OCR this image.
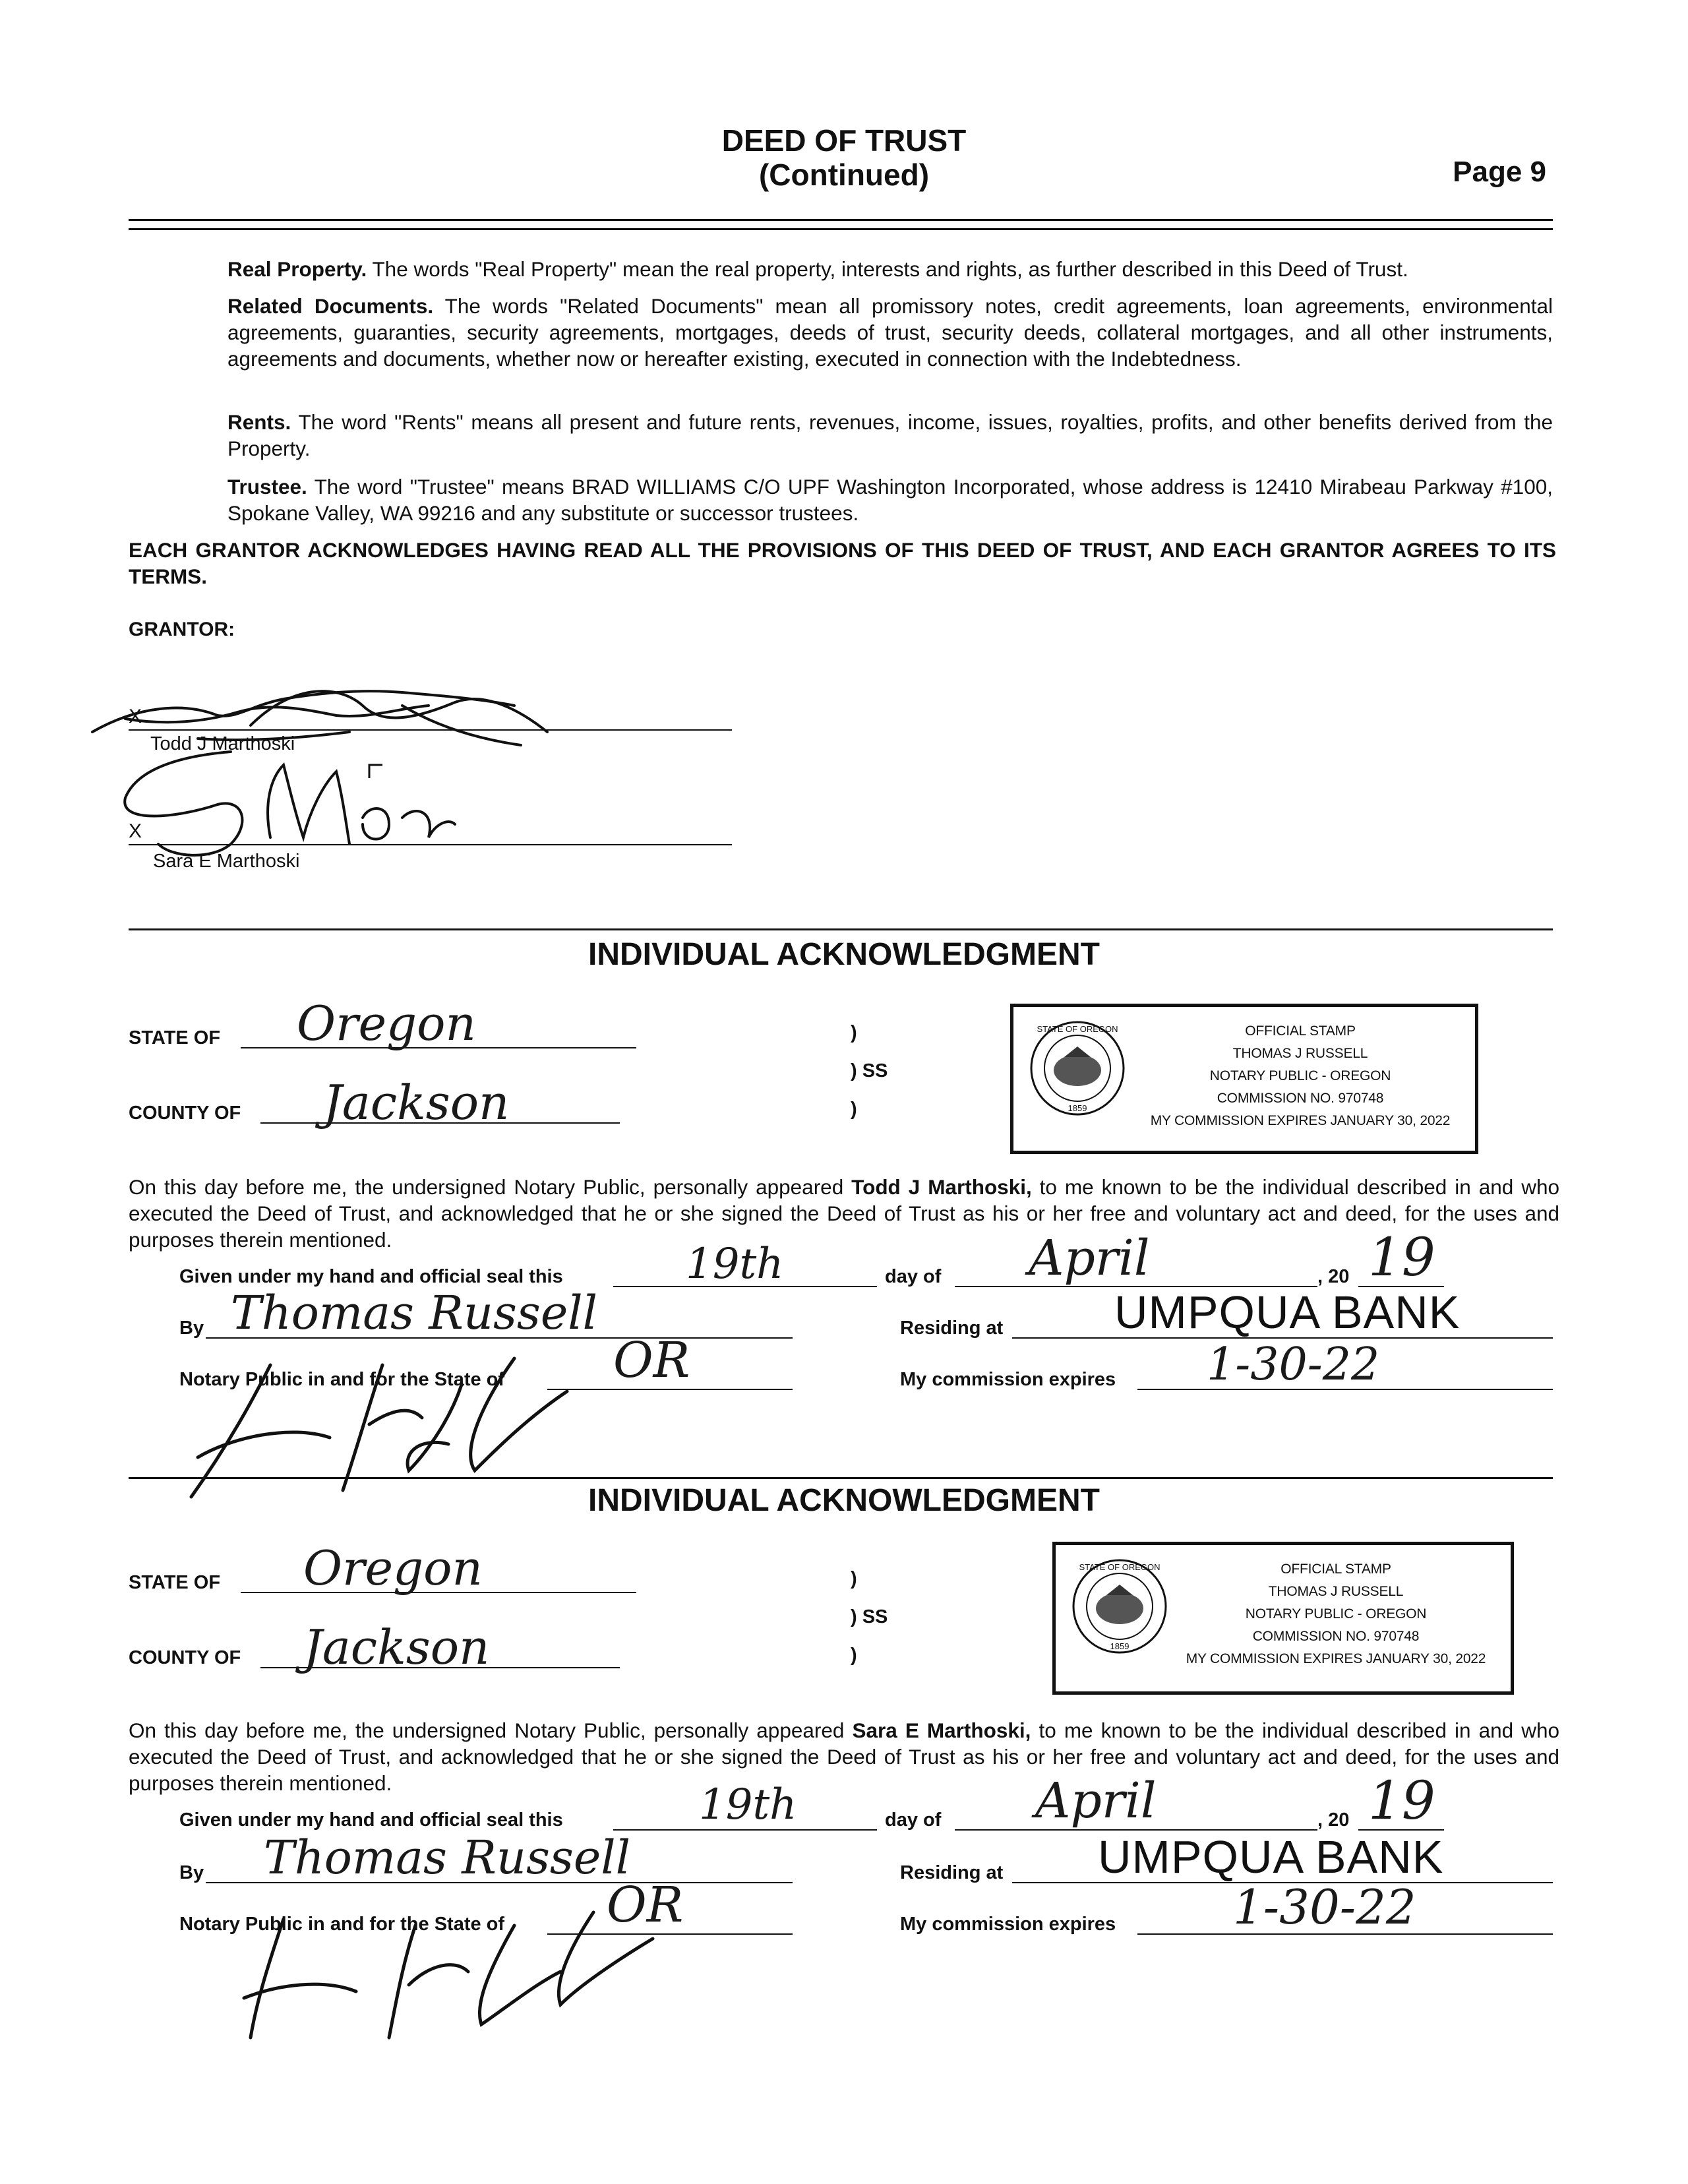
DEED OF TRUST
(Continued)	Page 9
Real Property. The words "Real Property" mean the real property, interests and rights, as further described in this Deed of Trust.
Related Documents. The words "Related Documents" mean all promissory notes, credit agreements, loan agreements, environmental agreements, guaranties, security agreements, mortgages, deeds of trust, security deeds, collateral mortgages, and all other instruments, agreements and documents, whether now or hereafter existing, executed in connection with the Indebtedness.
Rents. The word "Rents" means all present and future rents, revenues, income, issues, royalties, profits, and other benefits derived from the Property.
Trustee. The word "Trustee" means BRAD WILLIAMS C/O UPF Washington Incorporated, whose address is 12410 Mirabeau Parkway #100, Spokane Valley, WA 99216 and any substitute or successor trustees.
EACH GRANTOR ACKNOWLEDGES HAVING READ ALL THE PROVISIONS OF THIS DEED OF TRUST, AND EACH GRANTOR AGREES TO ITS TERMS.
GRANTOR:
X
Todd J Marthoski
X
Sara E Marthoski
INDIVIDUAL ACKNOWLEDGMENT
STATE OF Oregon
COUNTY OF Jackson
)
) SS
)
STATE OF OREGON
1859
OFFICIAL STAMP
THOMAS J RUSSELL
NOTARY PUBLIC - OREGON
COMMISSION NO. 970748
MY COMMISSION EXPIRES JANUARY 30, 2022
On this day before me, the undersigned Notary Public, personally appeared Todd J Marthoski, to me known to be the individual described in and who executed the Deed of Trust, and acknowledged that he or she signed the Deed of Trust as his or her free and voluntary act and deed, for the uses and purposes therein mentioned.
Given under my hand and official seal this	19th	day of April	, 20 19
By Thomas Russell	Residing at UMPQUA BANK
Notary Public in and for the State of OR	My commission expires 1-30-22
INDIVIDUAL ACKNOWLEDGMENT
STATE OF Oregon
COUNTY OF Jackson
)
) SS
)
STATE OF OREGON
1859
OFFICIAL STAMP
THOMAS J RUSSELL
NOTARY PUBLIC - OREGON
COMMISSION NO. 970748
MY COMMISSION EXPIRES JANUARY 30, 2022
On this day before me, the undersigned Notary Public, personally appeared Sara E Marthoski, to me known to be the individual described in and who executed the Deed of Trust, and acknowledged that he or she signed the Deed of Trust as his or her free and voluntary act and deed, for the uses and purposes therein mentioned.
Given under my hand and official seal this	19th	day of April	, 20 19
By Thomas Russell	Residing at UMPQUA BANK
Notary Public in and for the State of OR	My commission expires 1-30-22
